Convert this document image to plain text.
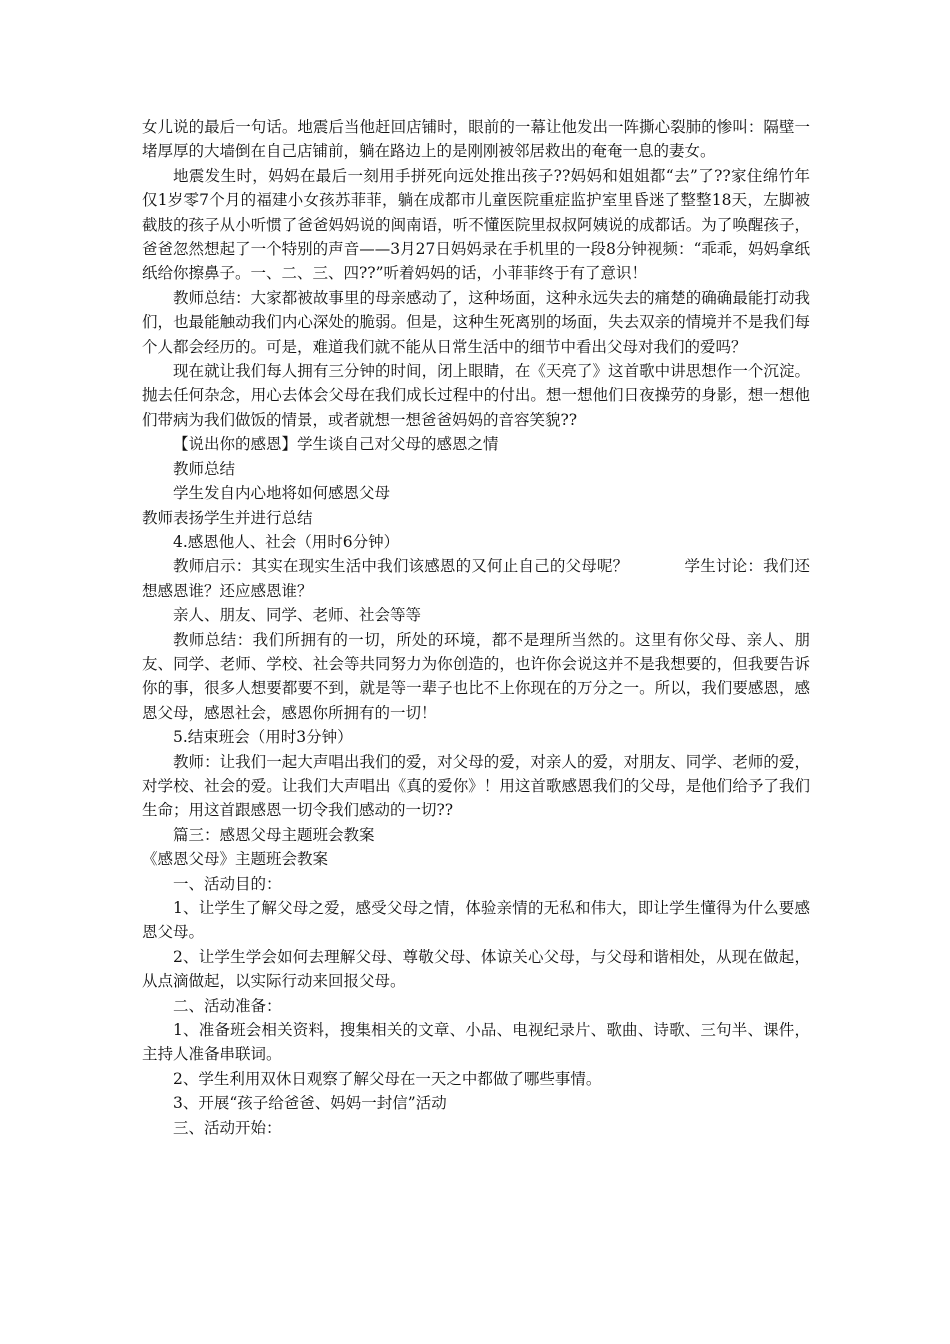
女儿说的最后一句话。地震后当他赶回店铺时，眼前的一幕让他发出一阵撕心裂肺的惨叫：隔壁一堵厚厚的大墙倒在自己店铺前，躺在路边上的是刚刚被邻居救出的奄奄一息的妻女。

地震发生时，妈妈在最后一刻用手拼死向远处推出孩子??妈妈和姐姐都“去”了??家住绵竹年仅1岁零7个月的福建小女孩苏菲菲，躺在成都市儿童医院重症监护室里昏迷了整整18天，左脚被截肢的孩子从小听惯了爸爸妈妈说的闽南语，听不懂医院里叔叔阿姨说的成都话。为了唤醒孩子，爸爸忽然想起了一个特别的声音——3月27日妈妈录在手机里的一段8分钟视频：“乖乖，妈妈拿纸纸给你擦鼻子。一、二、三、四??”听着妈妈的话，小菲菲终于有了意识！

教师总结：大家都被故事里的母亲感动了，这种场面，这种永远失去的痛楚的确确最能打动我们，也最能触动我们内心深处的脆弱。但是，这种生死离别的场面，失去双亲的情境并不是我们每个人都会经历的。可是，难道我们就不能从日常生活中的细节中看出父母对我们的爱吗？

现在就让我们每人拥有三分钟的时间，闭上眼睛，在《天亮了》这首歌中讲思想作一个沉淀。抛去任何杂念，用心去体会父母在我们成长过程中的付出。想一想他们日夜操劳的身影，想一想他们带病为我们做饭的情景，或者就想一想爸爸妈妈的音容笑貌??

【说出你的感恩】学生谈自己对父母的感恩之情

教师总结

学生发自内心地将如何感恩父母

教师表扬学生并进行总结

4.感恩他人、社会（用时6分钟）

教师启示：其实在现实生活中我们该感恩的又何止自己的父母呢？	学生讨论：我们还想感恩谁？还应感恩谁？

亲人、朋友、同学、老师、社会等等

教师总结：我们所拥有的一切，所处的环境，都不是理所当然的。这里有你父母、亲人、朋友、同学、老师、学校、社会等共同努力为你创造的，也许你会说这并不是我想要的，但我要告诉你的事，很多人想要都要不到，就是等一辈子也比不上你现在的万分之一。所以，我们要感恩，感恩父母，感恩社会，感恩你所拥有的一切！

5.结束班会（用时3分钟）

教师：让我们一起大声唱出我们的爱，对父母的爱，对亲人的爱，对朋友、同学、老师的爱，对学校、社会的爱。让我们大声唱出《真的爱你》！用这首歌感恩我们的父母，是他们给予了我们生命；用这首跟感恩一切令我们感动的一切??

篇三：感恩父母主题班会教案

《感恩父母》主题班会教案

一、活动目的：

1、让学生了解父母之爱，感受父母之情，体验亲情的无私和伟大，即让学生懂得为什么要感恩父母。

2、让学生学会如何去理解父母、尊敬父母、体谅关心父母，与父母和谐相处，从现在做起，从点滴做起，以实际行动来回报父母。

二、活动准备：

1、准备班会相关资料，搜集相关的文章、小品、电视纪录片、歌曲、诗歌、三句半、课件，主持人准备串联词。

2、学生利用双休日观察了解父母在一天之中都做了哪些事情。

3、开展“孩子给爸爸、妈妈一封信”活动

三、活动开始：
